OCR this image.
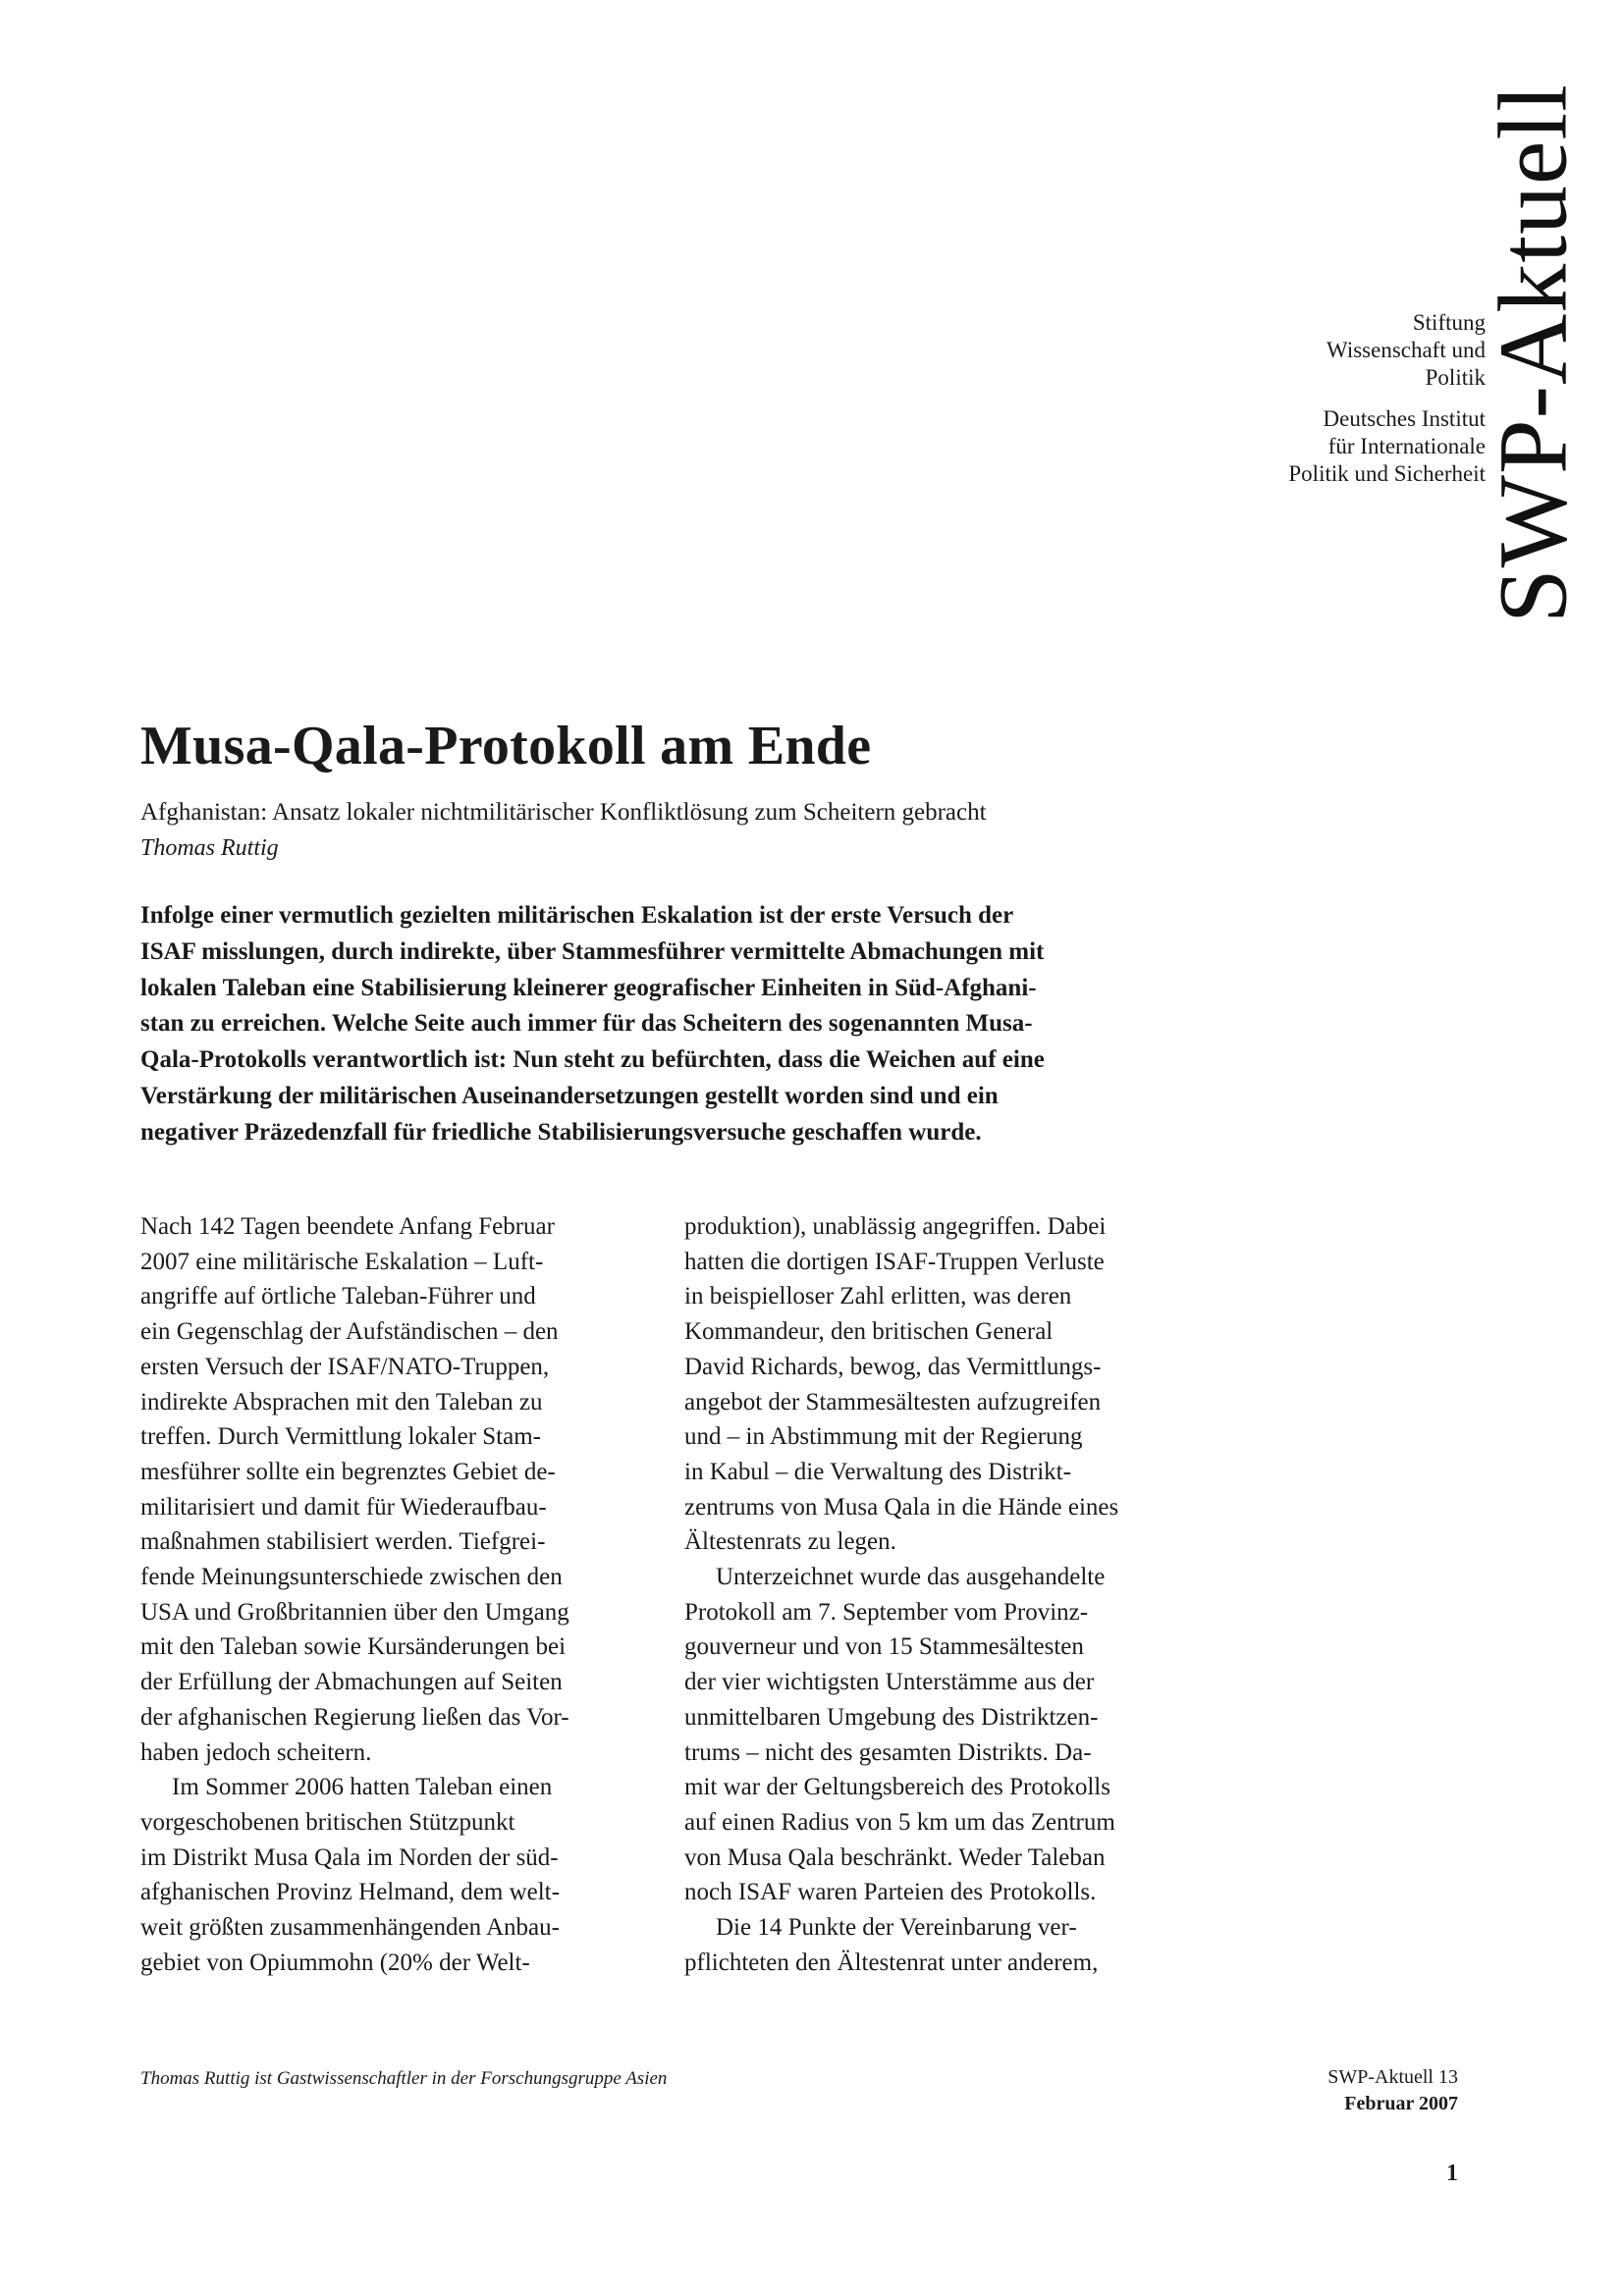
SWP-Aktuell

Stiftung

Wissenschaft und

Politik

Deutsches Institut

für Internationale

Politik und Sicherheit

Musa-Qala-Protokoll am Ende
Afghanistan: Ansatz lokaler nichtmilitärischer Konfliktlösung zum Scheitern gebracht
Thomas Ruttig
Infolge einer vermutlich gezielten militärischen Eskalation ist der erste Versuch der
ISAF misslungen, durch indirekte, über Stammesführer vermittelte Abmachungen mit
lokalen Taleban eine Stabilisierung kleinerer geografischer Einheiten in Süd-Afghani-
stan zu erreichen. Welche Seite auch immer für das Scheitern des sogenannten Musa-
Qala-Protokolls verantwortlich ist: Nun steht zu befürchten, dass die Weichen auf eine
Verstärkung der militärischen Auseinandersetzungen gestellt worden sind und ein
negativer Präzedenzfall für friedliche Stabilisierungsversuche geschaffen wurde.

Nach 142 Tagen beendete Anfang Februar

2007 eine militärische Eskalation – Luft-

angriffe auf örtliche Taleban-Führer und

ein Gegenschlag der Aufständischen – den

ersten Versuch der ISAF/NATO-Truppen,

indirekte Absprachen mit den Taleban zu

treffen. Durch Vermittlung lokaler Stam-

mesführer sollte ein begrenztes Gebiet de-

militarisiert und damit für Wiederaufbau-

maßnahmen stabilisiert werden. Tiefgrei-

fende Meinungsunterschiede zwischen den

USA und Großbritannien über den Umgang

mit den Taleban sowie Kursänderungen bei

der Erfüllung der Abmachungen auf Seiten

der afghanischen Regierung ließen das Vor-

haben jedoch scheitern.

Im Sommer 2006 hatten Taleban einen

vorgeschobenen britischen Stützpunkt

im Distrikt Musa Qala im Norden der süd-

afghanischen Provinz Helmand, dem welt-

weit größten zusammenhängenden Anbau-

gebiet von Opiummohn (20% der Welt-

produktion), unablässig angegriffen. Dabei

hatten die dortigen ISAF-Truppen Verluste

in beispielloser Zahl erlitten, was deren

Kommandeur, den britischen General

David Richards, bewog, das Vermittlungs-

angebot der Stammesältesten aufzugreifen

und – in Abstimmung mit der Regierung

in Kabul – die Verwaltung des Distrikt-

zentrums von Musa Qala in die Hände eines

Ältestenrats zu legen.

Unterzeichnet wurde das ausgehandelte

Protokoll am 7. September vom Provinz-

gouverneur und von 15 Stammesältesten

der vier wichtigsten Unterstämme aus der

unmittelbaren Umgebung des Distriktzen-

trums – nicht des gesamten Distrikts. Da-

mit war der Geltungsbereich des Protokolls

auf einen Radius von 5 km um das Zentrum

von Musa Qala beschränkt. Weder Taleban

noch ISAF waren Parteien des Protokolls.

Die 14 Punkte der Vereinbarung ver-

pflichteten den Ältestenrat unter anderem,

Thomas Ruttig ist Gastwissenschaftler in der Forschungsgruppe Asien	SWP-Aktuell 13
Februar 2007
1
